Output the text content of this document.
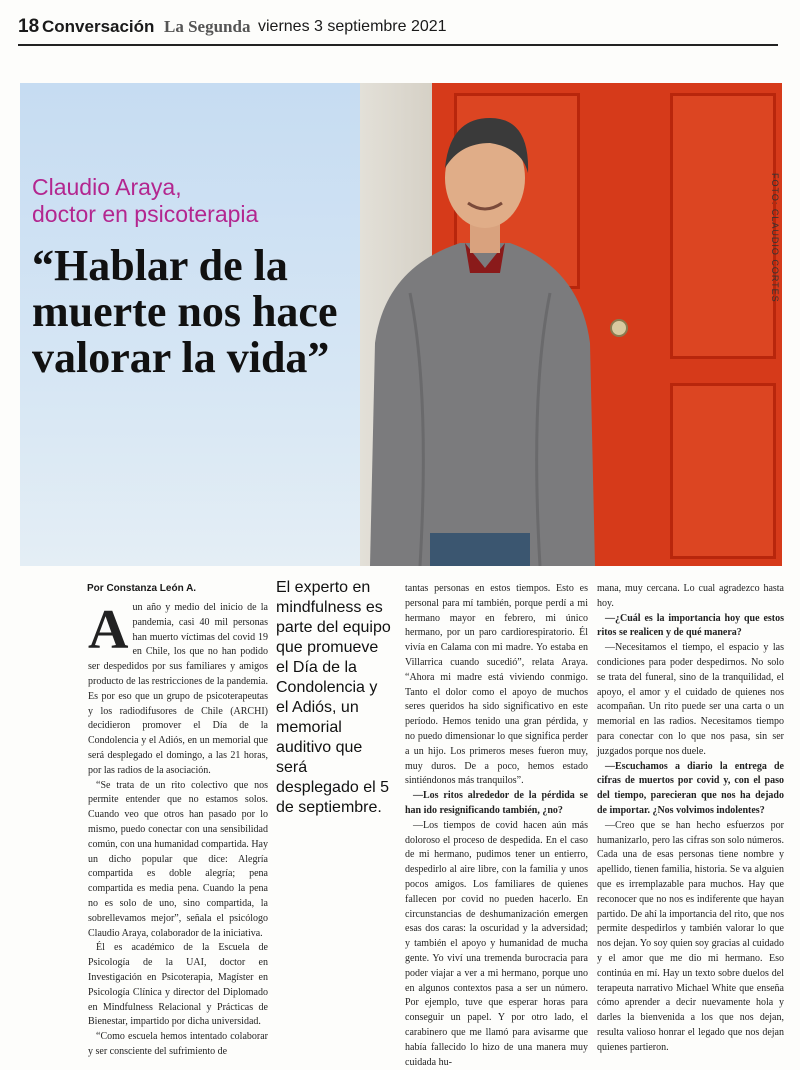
18 Conversación La Segunda viernes 3 septiembre 2021
FOTO: CLAUDIO CORTES
Claudio Araya,
doctor en psicoterapia
“Hablar de la muerte nos hace valorar la vida”
Por Constanza León A.
A un año y medio del inicio de la pandemia, casi 40 mil personas han muerto víctimas del covid 19 en Chile, los que no han podido ser despedidos por sus familiares y amigos producto de las restricciones de la pandemia. Es por eso que un grupo de psicoterapeutas y los radiodifusores de Chile (ARCHI) decidieron promover el Día de la Condolencia y el Adiós, en un memorial que será desplegado el domingo, a las 21 horas, por las radios de la asociación.

“Se trata de un rito colectivo que nos permite entender que no estamos solos. Cuando veo que otros han pasado por lo mismo, puedo conectar con una sensibilidad común, con una humanidad compartida. Hay un dicho popular que dice: Alegría compartida es doble alegría; pena compartida es media pena. Cuando la pena no es solo de uno, sino compartida, la sobrellevamos mejor”, señala el psicólogo Claudio Araya, colaborador de la iniciativa.

Él es académico de la Escuela de Psicología de la UAI, doctor en Investigación en Psicoterapia, Magíster en Psicología Clínica y director del Diplomado en Mindfulness Relacional y Prácticas de Bienestar, impartido por dicha universidad.

“Como escuela hemos intentado colaborar y ser consciente del sufrimiento de

El experto en mindfulness es parte del equipo que promueve el Día de la Condolencia y el Adiós, un memorial auditivo que será desplegado el 5 de septiembre.

tantas personas en estos tiempos. Esto es personal para mí también, porque perdí a mi hermano mayor en febrero, mi único hermano, por un paro cardiorespiratorio. Él vivía en Calama con mi madre. Yo estaba en Villarrica cuando sucedió”, relata Araya. “Ahora mi madre está viviendo conmigo. Tanto el dolor como el apoyo de muchos seres queridos ha sido significativo en este período. Hemos tenido una gran pérdida, y no puedo dimensionar lo que significa perder a un hijo. Los primeros meses fueron muy, muy duros. De a poco, hemos estado sintiéndonos más tranquilos”.

—Los ritos alrededor de la pérdida se han ido resignificando también, ¿no?

—Los tiempos de covid hacen aún más doloroso el proceso de despedida. En el caso de mi hermano, pudimos tener un entierro, despedirlo al aire libre, con la familia y unos pocos amigos. Los familiares de quienes fallecen por covid no pueden hacerlo. En circunstancias de deshumanización emergen esas dos caras: la oscuridad y la adversidad; y también el apoyo y humanidad de mucha gente. Yo viví una tremenda burocracia para poder viajar a ver a mi hermano, porque uno en algunos contextos pasa a ser un número. Por ejemplo, tuve que esperar horas para conseguir un papel. Y por otro lado, el carabinero que me llamó para avisarme que había fallecido lo hizo de una manera muy cuidada hu-

mana, muy cercana. Lo cual agradezco hasta hoy.

—¿Cuál es la importancia hoy que estos ritos se realicen y de qué manera?

—Necesitamos el tiempo, el espacio y las condiciones para poder despedirnos. No solo se trata del funeral, sino de la tranquilidad, el apoyo, el amor y el cuidado de quienes nos acompañan. Un rito puede ser una carta o un memorial en las radios. Necesitamos tiempo para conectar con lo que nos pasa, sin ser juzgados porque nos duele.

—Escuchamos a diario la entrega de cifras de muertos por covid y, con el paso del tiempo, parecieran que nos ha dejado de importar. ¿Nos volvimos indolentes?

—Creo que se han hecho esfuerzos por humanizarlo, pero las cifras son solo números. Cada una de esas personas tiene nombre y apellido, tienen familia, historia. Se va alguien que es irremplazable para muchos. Hay que reconocer que no nos es indiferente que hayan partido. De ahí la importancia del rito, que nos permite despedirlos y también valorar lo que nos dejan. Yo soy quien soy gracias al cuidado y el amor que me dio mi hermano. Eso continúa en mí. Hay un texto sobre duelos del terapeuta narrativo Michael White que enseña cómo aprender a decir nuevamente hola y darles la bienvenida a los que nos dejan, resulta valioso honrar el legado que nos dejan quienes partieron.
